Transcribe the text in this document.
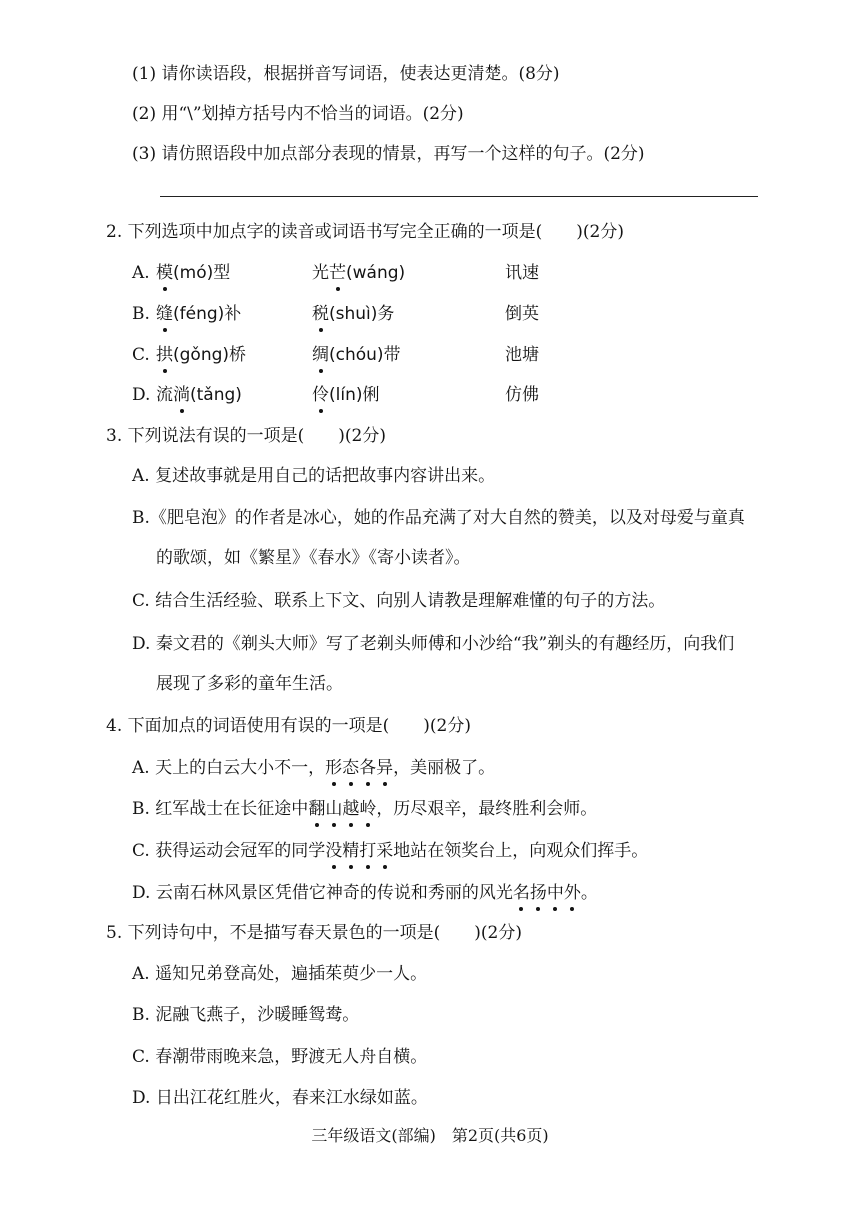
(1) 请你读语段，根据拼音写词语，使表达更清楚。(8分)
(2) 用“\”划掉方括号内不恰当的词语。(2分)
(3) 请仿照语段中加点部分表现的情景，再写一个这样的句子。(2分)
2. 下列选项中加点字的读音或词语书写完全正确的一项是(　　)(2分)
A. 模(mó)型	光芒(wáng)	讯速
B. 缝(féng)补	税(shuì)务	倒英
C. 拱(gǒng)桥	绸(chóu)带	池塘
D. 流淌(tǎng)	伶(lín)俐	仿佛
3. 下列说法有误的一项是(　　)(2分)
A. 复述故事就是用自己的话把故事内容讲出来。
B.《肥皂泡》的作者是冰心，她的作品充满了对大自然的赞美，以及对母爱与童真
的歌颂，如《繁星》《春水》《寄小读者》。
C. 结合生活经验、联系上下文、向别人请教是理解难懂的句子的方法。
D. 秦文君的《剃头大师》写了老剃头师傅和小沙给“我”剃头的有趣经历，向我们
展现了多彩的童年生活。
4. 下面加点的词语使用有误的一项是(　　)(2分)
A. 天上的白云大小不一，形态各异，美丽极了。
B. 红军战士在长征途中翻山越岭，历尽艰辛，最终胜利会师。
C. 获得运动会冠军的同学没精打采地站在领奖台上，向观众们挥手。
D. 云南石林风景区凭借它神奇的传说和秀丽的风光名扬中外。
5. 下列诗句中，不是描写春天景色的一项是(　　)(2分)
A. 遥知兄弟登高处，遍插茱萸少一人。
B. 泥融飞燕子，沙暖睡鸳鸯。
C. 春潮带雨晚来急，野渡无人舟自横。
D. 日出江花红胜火，春来江水绿如蓝。
三年级语文(部编)　第2页(共6页)
